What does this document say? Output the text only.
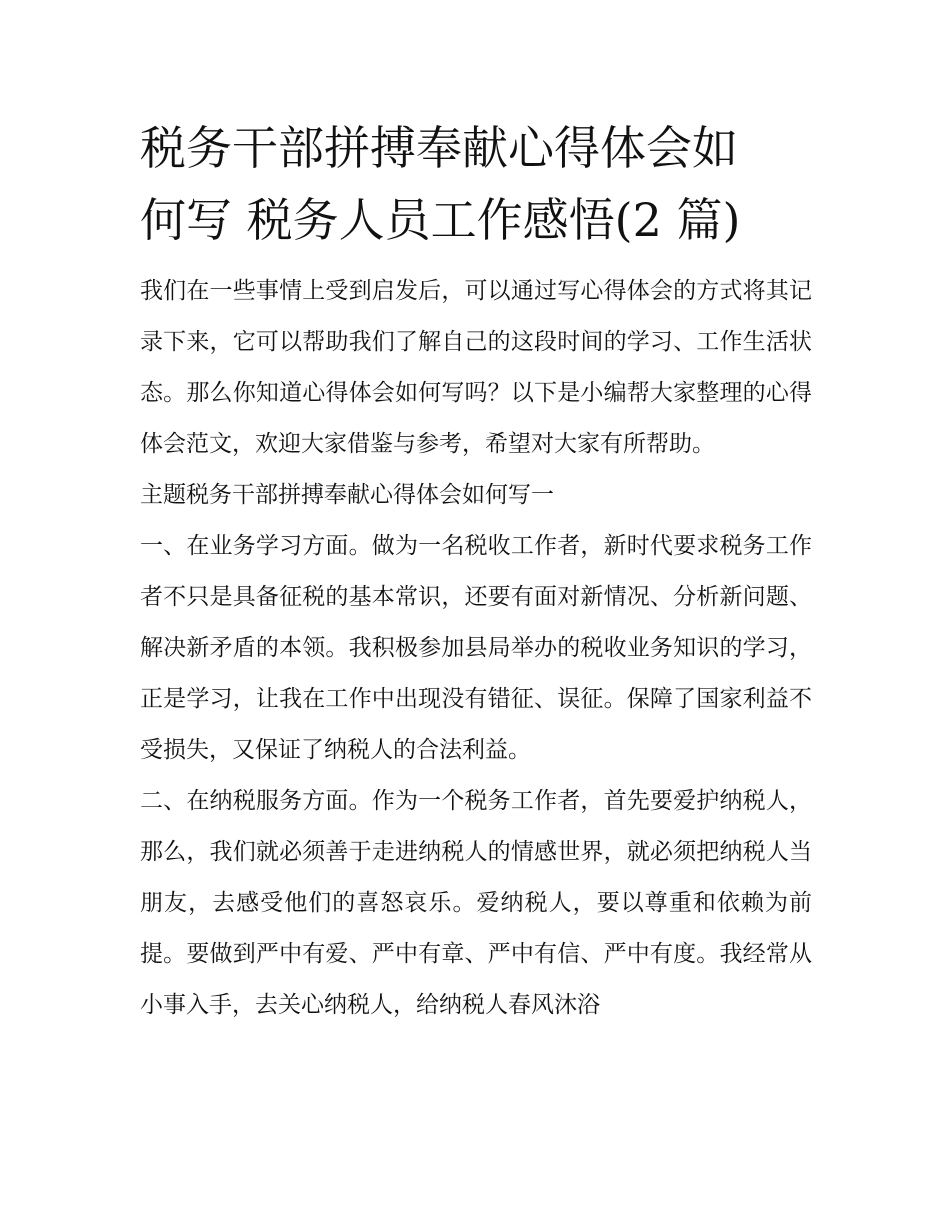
税务干部拼搏奉献心得体会如
何写 税务人员工作感悟(2 篇)

我们在一些事情上受到启发后，可以通过写心得体会的方式将其记录下来，它可以帮助我们了解自己的这段时间的学习、工作生活状态。那么你知道心得体会如何写吗？以下是小编帮大家整理的心得体会范文，欢迎大家借鉴与参考，希望对大家有所帮助。

主题税务干部拼搏奉献心得体会如何写一

一、在业务学习方面。做为一名税收工作者，新时代要求税务工作者不只是具备征税的基本常识，还要有面对新情况、分析新问题、解决新矛盾的本领。我积极参加县局举办的税收业务知识的学习，正是学习，让我在工作中出现没有错征、误征。保障了国家利益不受损失，又保证了纳税人的合法利益。

二、在纳税服务方面。作为一个税务工作者，首先要爱护纳税人，那么，我们就必须善于走进纳税人的情感世界，就必须把纳税人当朋友，去感受他们的喜怒哀乐。爱纳税人，要以尊重和依赖为前提。要做到严中有爱、严中有章、严中有信、严中有度。我经常从小事入手，去关心纳税人，给纳税人春风沐浴
